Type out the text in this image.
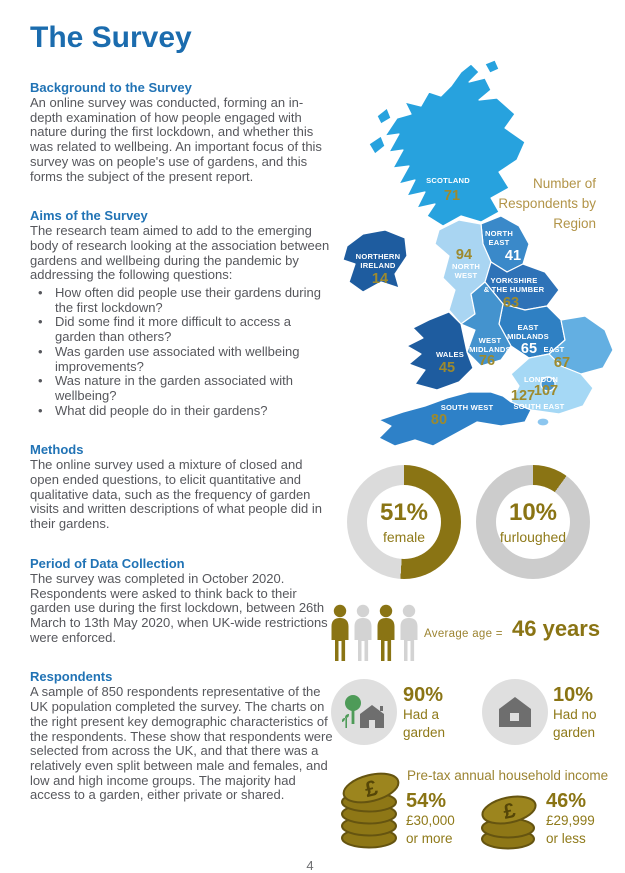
The Survey
Background to the Survey

An online survey was conducted, forming an in-depth examination of how people engaged with nature during the first lockdown, and whether this was related to wellbeing. An important focus of this survey was on people's use of gardens, and this forms the subject of the present report.

Aims of the Survey

The research team aimed to add to the emerging body of research looking at the association between gardens and wellbeing during the pandemic by addressing the following questions:

• How often did people use their gardens during the first lockdown?
• Did some find it more difficult to access a garden than others?
• Was garden use associated with wellbeing improvements?
• Was nature in the garden associated with wellbeing?
• What did people do in their gardens?
Methods

The online survey used a mixture of closed and open ended questions, to elicit quantitative and qualitative data, such as the frequency of garden visits and written descriptions of what people did in their gardens.

Period of Data Collection

The survey was completed in October 2020. Respondents were asked to think back to their garden use during the first lockdown, between 26th March to 13th May 2020, when UK-wide restrictions were enforced.

Respondents

A sample of 850 respondents representative of the UK population completed the survey. The charts on the right present key demographic characteristics of the respondents. These show that respondents were selected from across the UK, and that there was a relatively even split between male and females, and low and high income groups. The majority had access to a garden, either private or shared.

SCOTLAND
71
NORTHERN
IRELAND
14
94
NORTH
WEST
NORTH
EAST
41
YORKSHIRE
& THE HUMBER
63
EAST
MIDLANDS
65
WEST
MIDLANDS
76
EAST
67
WALES
45
LONDON
107
127
SOUTH EAST
SOUTH WEST
80
Number of
Respondents by
Region
51%
female
10%
furloughed
Average age = 46 years
90%
Had a
garden
10%
Had no
garden
Pre-tax annual household income
£ 54%
£30,000
or more
£ 46%
£29,999
or less
4
